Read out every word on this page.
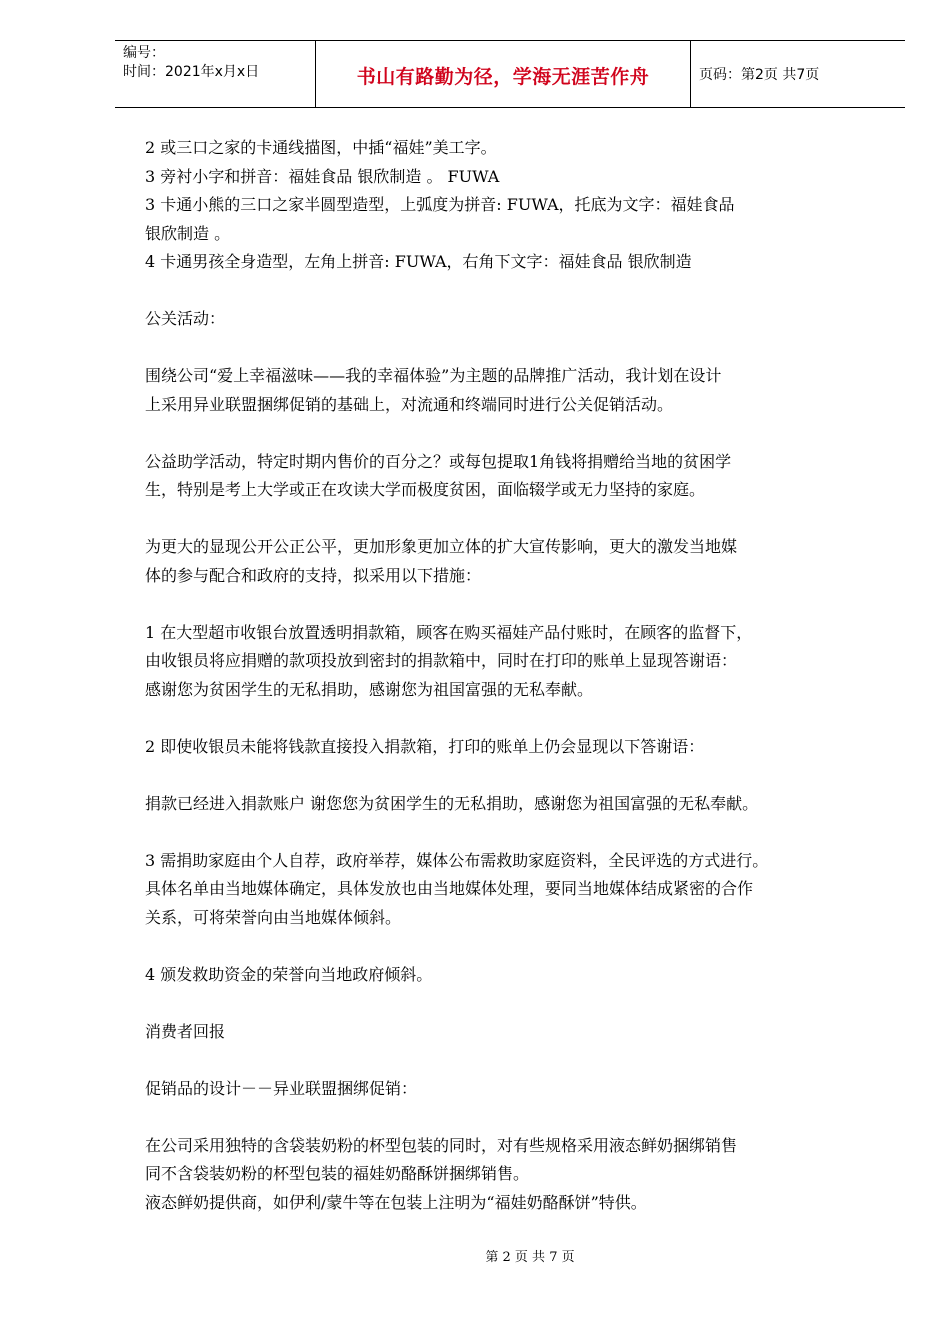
编号：
时间：2021年x月x日	书山有路勤为径，学海无涯苦作舟	页码：第2页 共7页

2 或三口之家的卡通线描图，中插“福娃”美工字。

3 旁衬小字和拼音：福娃食品 银欣制造 。 FUWA

3 卡通小熊的三口之家半圆型造型，上弧度为拼音: FUWA，托底为文字：福娃食品

银欣制造 。

4 卡通男孩全身造型，左角上拼音: FUWA，右角下文字：福娃食品 银欣制造

公关活动：

围绕公司“爱上幸福滋味——我的幸福体验”为主题的品牌推广活动，我计划在设计

上采用异业联盟捆绑促销的基础上，对流通和终端同时进行公关促销活动。

公益助学活动，特定时期内售价的百分之？或每包提取1角钱将捐赠给当地的贫困学

生，特别是考上大学或正在攻读大学而极度贫困，面临辍学或无力坚持的家庭。

为更大的显现公开公正公平，更加形象更加立体的扩大宣传影响，更大的激发当地媒

体的参与配合和政府的支持，拟采用以下措施：

1 在大型超市收银台放置透明捐款箱，顾客在购买福娃产品付账时，在顾客的监督下，

由收银员将应捐赠的款项投放到密封的捐款箱中，同时在打印的账单上显现答谢语：

感谢您为贫困学生的无私捐助，感谢您为祖国富强的无私奉献。

2 即使收银员未能将钱款直接投入捐款箱，打印的账单上仍会显现以下答谢语：

捐款已经进入捐款账户 谢您您为贫困学生的无私捐助，感谢您为祖国富强的无私奉献。

3 需捐助家庭由个人自荐，政府举荐，媒体公布需救助家庭资料，全民评选的方式进行。

具体名单由当地媒体确定，具体发放也由当地媒体处理，要同当地媒体结成紧密的合作

关系，可将荣誉向由当地媒体倾斜。

4 颁发救助资金的荣誉向当地政府倾斜。

消费者回报

促销品的设计－－异业联盟捆绑促销：

在公司采用独特的含袋装奶粉的杯型包装的同时，对有些规格采用液态鲜奶捆绑销售

同不含袋装奶粉的杯型包装的福娃奶酪酥饼捆绑销售。

液态鲜奶提供商，如伊利/蒙牛等在包装上注明为“福娃奶酪酥饼”特供。

第 2 页 共 7 页
